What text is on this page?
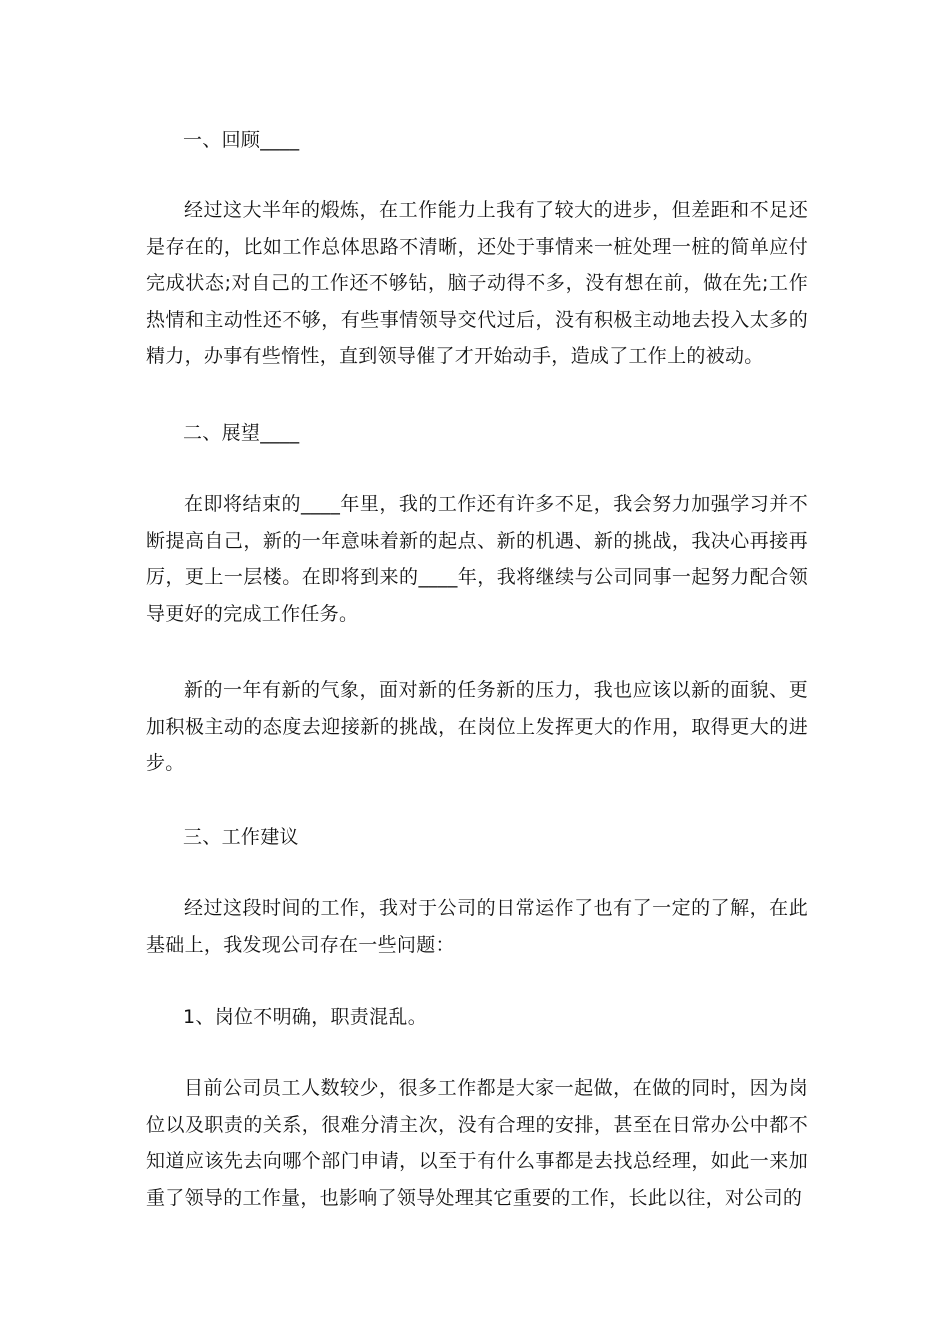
一、回顾____
经过这大半年的煅炼，在工作能力上我有了较大的进步，但差距和不足还是存在的，比如工作总体思路不清晰，还处于事情来一桩处理一桩的简单应付完成状态;对自己的工作还不够钻，脑子动得不多，没有想在前，做在先;工作热情和主动性还不够，有些事情领导交代过后，没有积极主动地去投入太多的精力，办事有些惰性，直到领导催了才开始动手，造成了工作上的被动。
二、展望____
在即将结束的____年里，我的工作还有许多不足，我会努力加强学习并不断提高自己，新的一年意味着新的起点、新的机遇、新的挑战，我决心再接再厉，更上一层楼。在即将到来的____年，我将继续与公司同事一起努力配合领导更好的完成工作任务。
新的一年有新的气象，面对新的任务新的压力，我也应该以新的面貌、更加积极主动的态度去迎接新的挑战，在岗位上发挥更大的作用，取得更大的进步。
三、工作建议
经过这段时间的工作，我对于公司的日常运作了也有了一定的了解，在此基础上，我发现公司存在一些问题：
1、岗位不明确，职责混乱。
目前公司员工人数较少，很多工作都是大家一起做，在做的同时，因为岗位以及职责的关系，很难分清主次，没有合理的安排，甚至在日常办公中都不知道应该先去向哪个部门申请，以至于有什么事都是去找总经理，如此一来加重了领导的工作量，也影响了领导处理其它重要的工作，长此以往，对公司的
